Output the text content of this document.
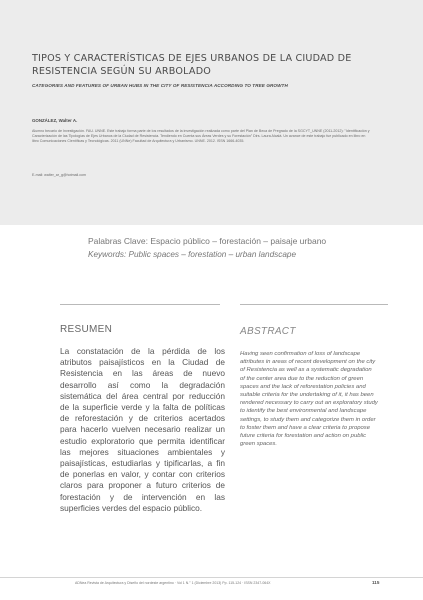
TIPOS Y CARACTERÍSTICAS DE EJES URBANOS DE LA CIUDAD DE RESISTENCIA SEGÚN SU ARBOLADO

CATEGORIES AND FEATURES OF URBAN HUBS IN THE CITY OF RESISTENCIA ACCORDING TO TREE GROWTH

GONZÁLEZ, Walter A.
Alumno becario de Investigación. FAU. UNNE. Este trabajo forma parte de los resultados de la investigación realizada como parte del Plan de Beca de Pregrado de la SGCYT_UNNE (2011-2012): "Identificación y Caracterización de las Tipologías de Ejes Urbanos de la Ciudad de Resistencia. Tendiendo en Cuenta sus Áreas Verdes y su Forestación" Dirs. Laura Alcalá. Un avance de este trabajo fue publicado en libro en libro Comunicaciones Científicas y Tecnológicas. 2011 (UNNe) Facultad de Arquitectura y Urbanismo. UNNE. 2012. ISSN 1666-4035.
E-mail: walter_ar_g@hotmail.com
Palabras Clave: Espacio público – forestación – paisaje urbano
Keywords: Public spaces – forestation – urban landscape
RESUMEN	ABSTRACT

La constatación de la pérdida de los atributos paisajísticos en la Ciudad de Resistencia en las áreas de nuevo desarrollo así como la degradación sistemática del área central por reducción de la superficie verde y la falta de políticas de reforestación y de criterios acertados para hacerlo vuelven necesario realizar un estudio exploratorio que permita identificar las mejores situaciones ambientales y paisajísticas, estudiarlas y tipificarlas, a fin de ponerlas en valor, y contar con criterios claros para proponer a futuro criterios de forestación y de intervención en las superficies verdes del espacio público.

Having seen confirmation of loss of landscape attributes in areas of recent development on the city of Resistencia as well as a systematic degradation of the center area due to the reduction of green spaces and the lack of reforestation policies and suitable criteria for the undertaking of it, it has been rendered necessary to carry out an exploratory study to identify the best environmental and landscape settings, to study them and categorize them in order to foster them and have a clear criteria to propose future criteria for forestation and action on public green spaces.

ADNea Revista de Arquitectura y Diseño del nordeste argentino · Vol 1 N.° 1 (Diciembre 2013) Pp. 115-124 · ISSN 2347-064X	115
